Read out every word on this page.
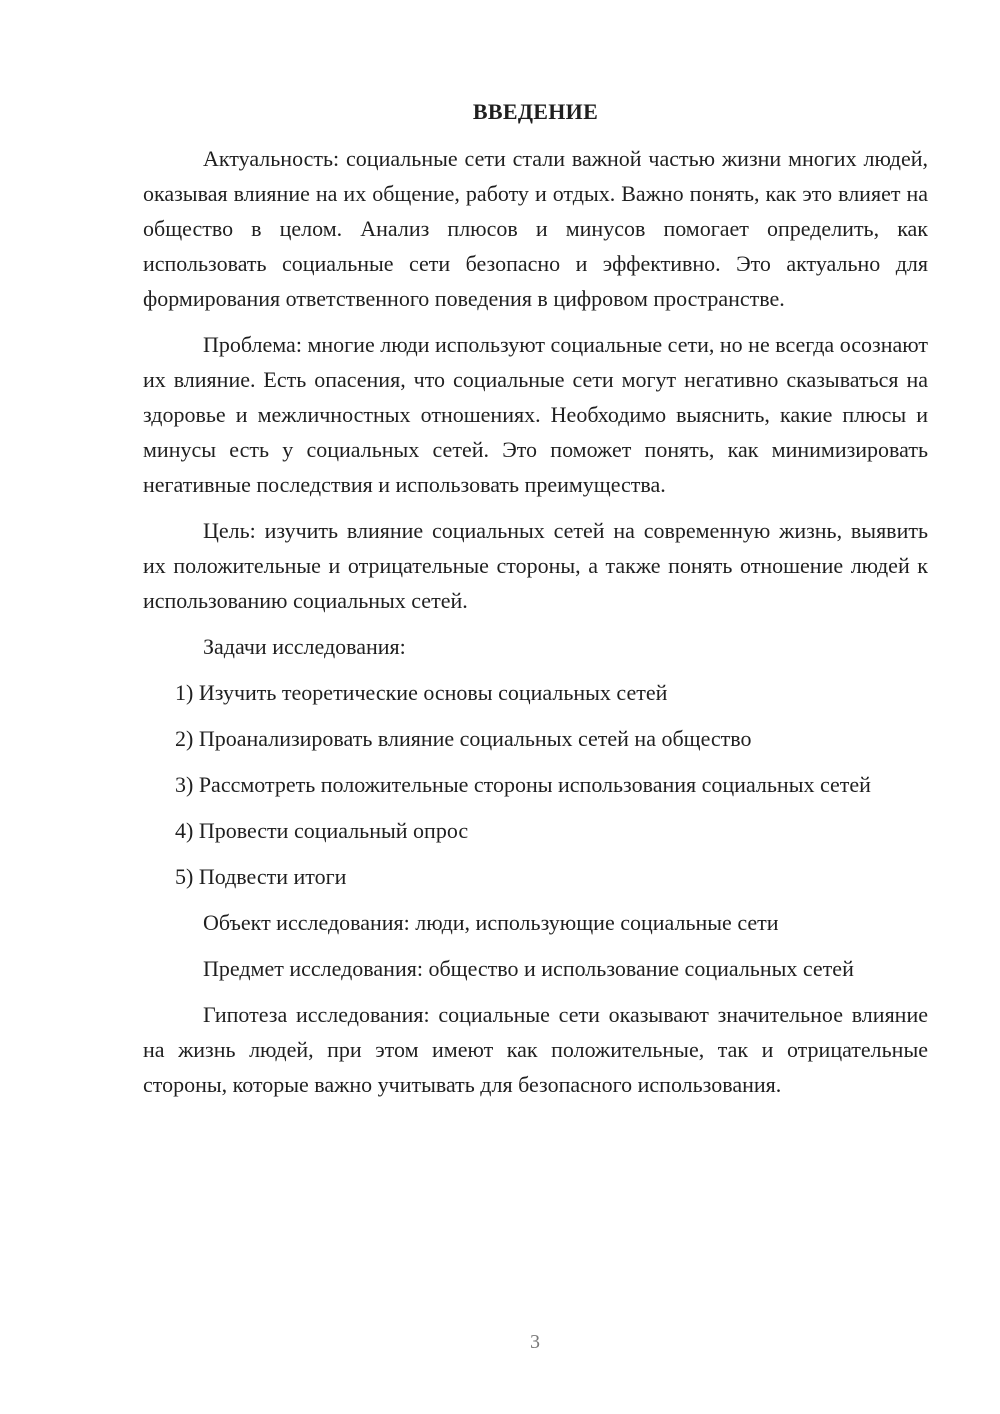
ВВЕДЕНИЕ

Актуальность: социальные сети стали важной частью жизни многих людей, оказывая влияние на их общение, работу и отдых. Важно понять, как это влияет на общество в целом. Анализ плюсов и минусов помогает определить, как использовать социальные сети безопасно и эффективно. Это актуально для формирования ответственного поведения в цифровом пространстве.

Проблема: многие люди используют социальные сети, но не всегда осознают их влияние. Есть опасения, что социальные сети могут негативно сказываться на здоровье и межличностных отношениях. Необходимо выяснить, какие плюсы и минусы есть у социальных сетей. Это поможет понять, как минимизировать негативные последствия и использовать преимущества.

Цель: изучить влияние социальных сетей на современную жизнь, выявить их положительные и отрицательные стороны, а также понять отношение людей к использованию социальных сетей.

Задачи исследования:

1) Изучить теоретические основы социальных сетей

2) Проанализировать влияние социальных сетей на общество

3) Рассмотреть положительные стороны использования социальных сетей

4) Провести социальный опрос

5) Подвести итоги

Объект исследования: люди, использующие социальные сети

Предмет исследования: общество и использование социальных сетей

Гипотеза исследования: социальные сети оказывают значительное влияние на жизнь людей, при этом имеют как положительные, так и отрицательные стороны, которые важно учитывать для безопасного использования.

3
